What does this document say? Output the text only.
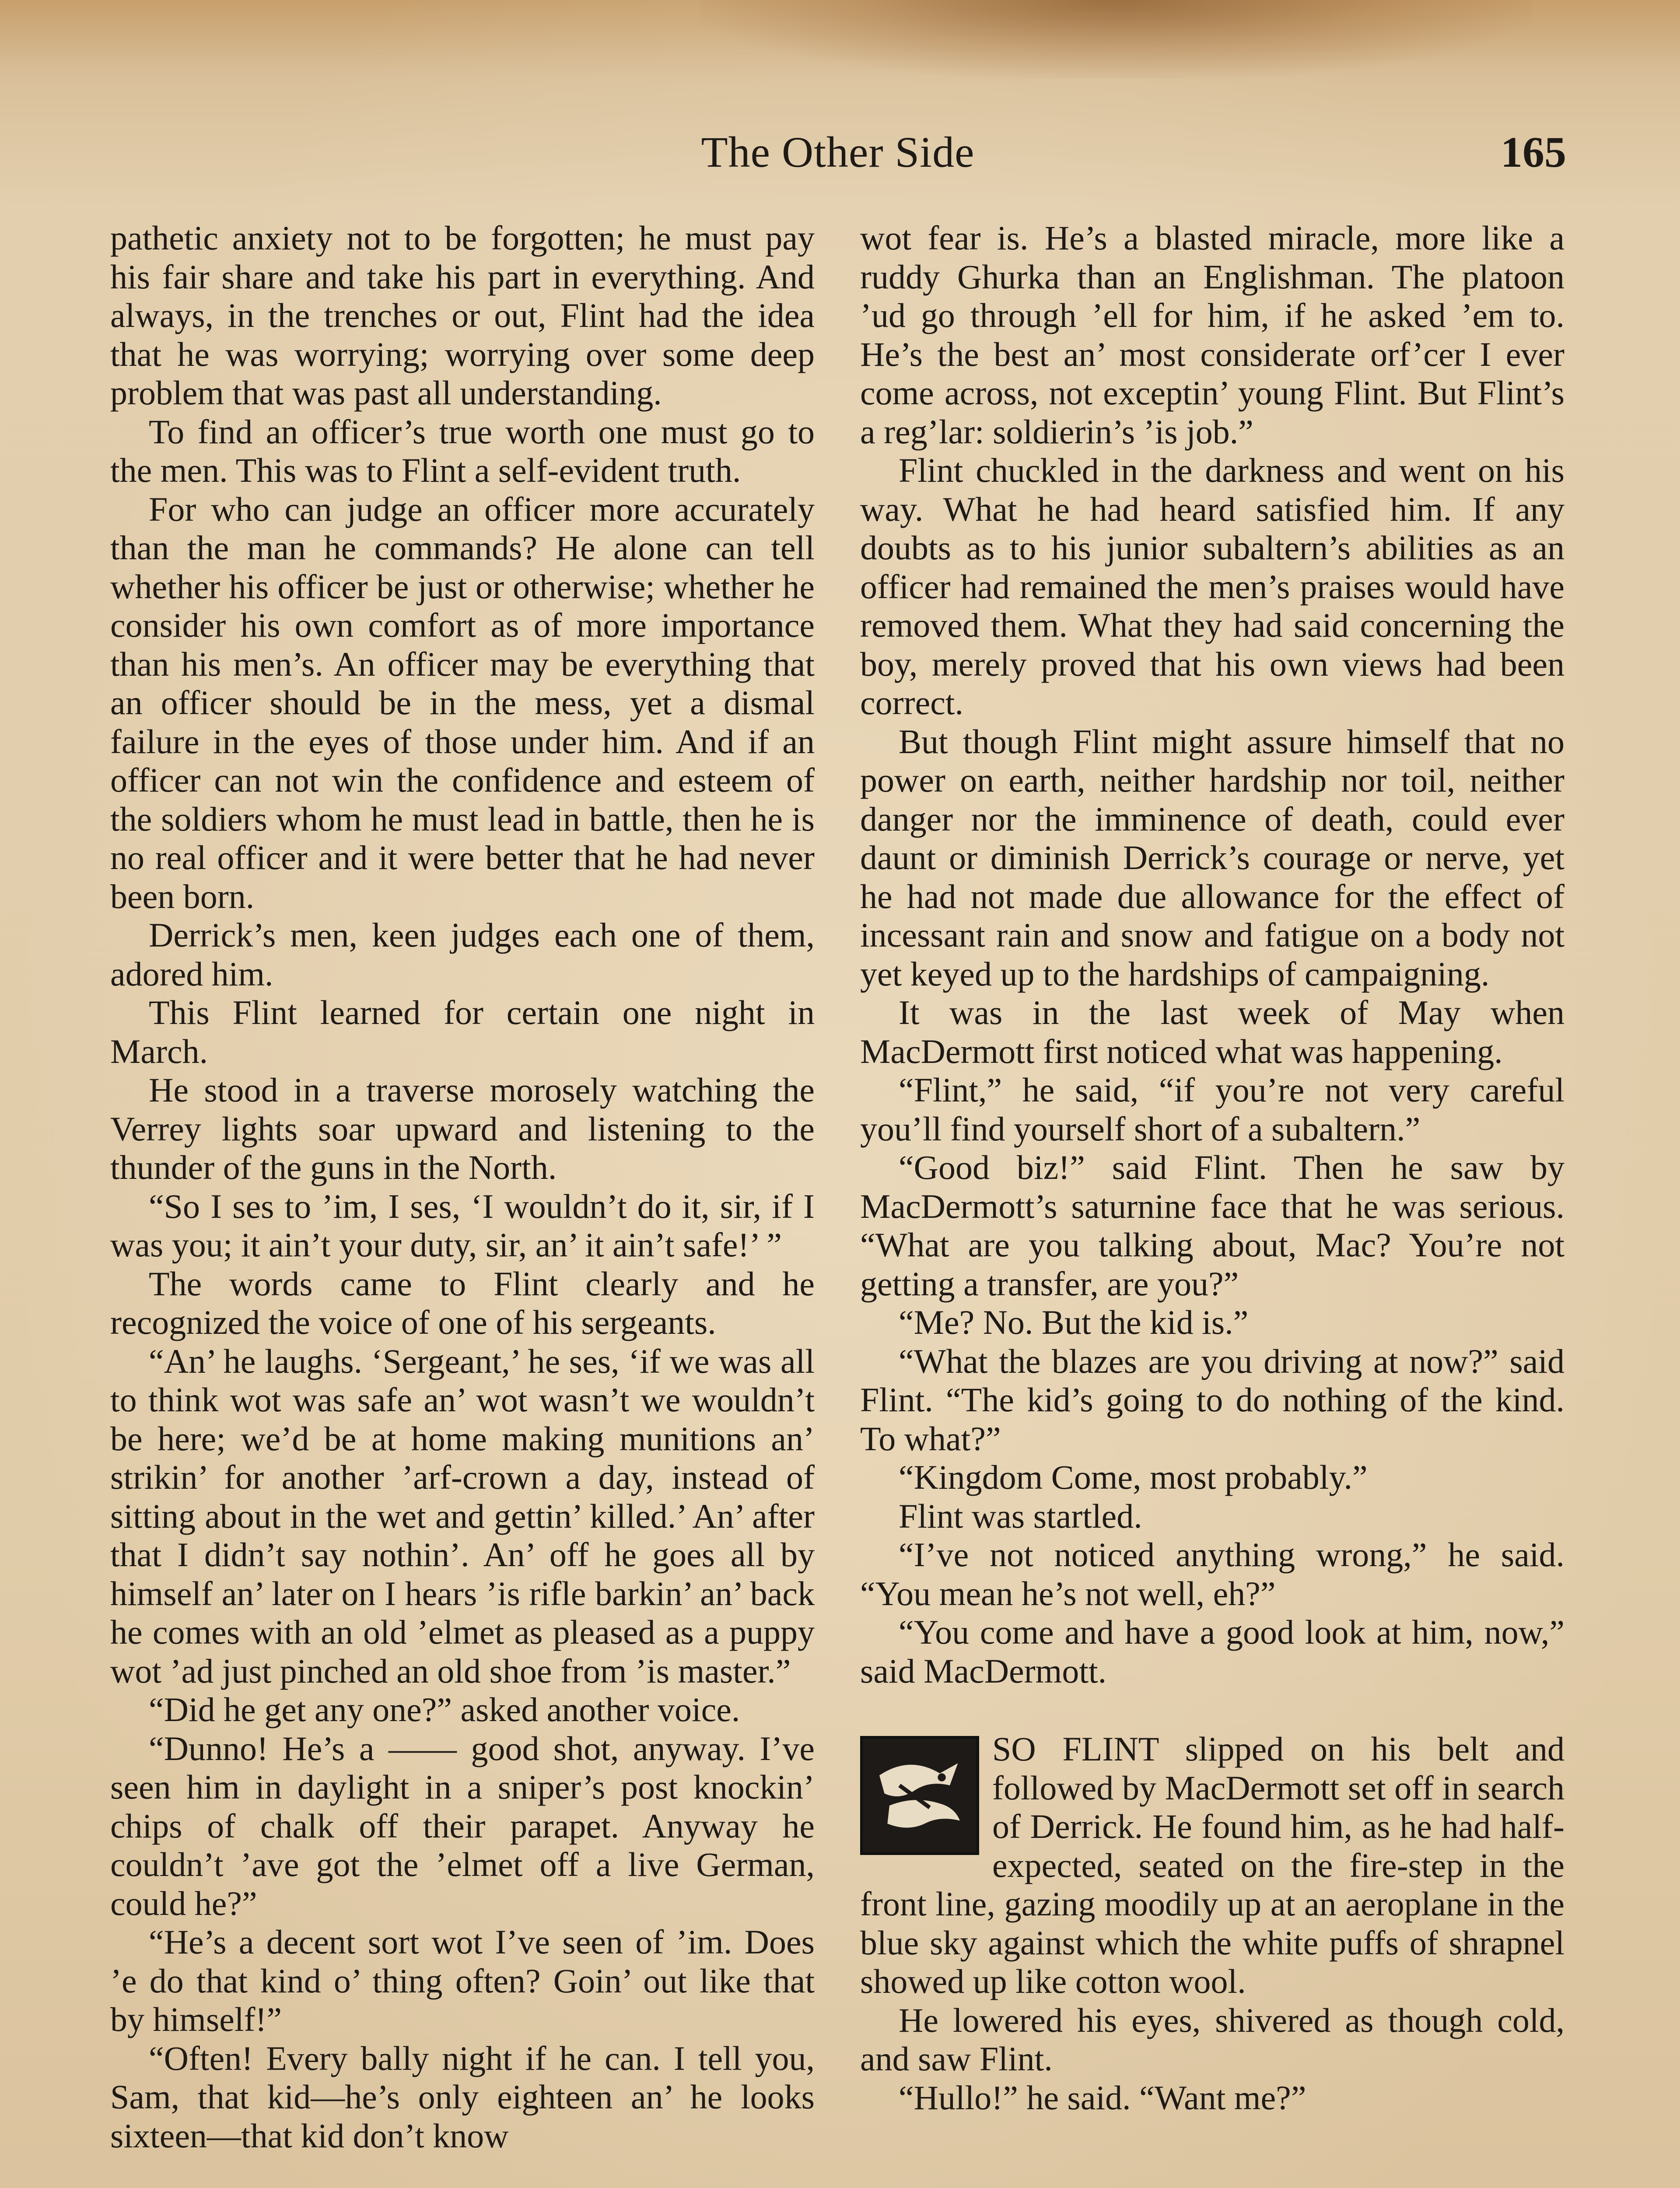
The Other Side	165

pathetic anxiety not to be forgotten; he must pay his fair share and take his part in everything. And always, in the trenches or out, Flint had the idea that he was worrying; worrying over some deep problem that was past all understanding.

To find an officer’s true worth one must go to the men. This was to Flint a self-evident truth.

For who can judge an officer more accurately than the man he commands? He alone can tell whether his officer be just or otherwise; whether he consider his own comfort as of more importance than his men’s. An officer may be everything that an officer should be in the mess, yet a dismal failure in the eyes of those under him. And if an officer can not win the confidence and esteem of the soldiers whom he must lead in battle, then he is no real officer and it were better that he had never been born.

Derrick’s men, keen judges each one of them, adored him.

This Flint learned for certain one night in March.

He stood in a traverse morosely watching the Verrey lights soar upward and listening to the thunder of the guns in the North.

“So I ses to ’im, I ses, ‘I wouldn’t do it, sir, if I was you; it ain’t your duty, sir, an’ it ain’t safe!’ ”

The words came to Flint clearly and he recognized the voice of one of his sergeants.

“An’ he laughs. ‘Sergeant,’ he ses, ‘if we was all to think wot was safe an’ wot wasn’t we wouldn’t be here; we’d be at home making munitions an’ strikin’ for another ’arf-crown a day, instead of sitting about in the wet and gettin’ killed.’ An’ after that I didn’t say nothin’. An’ off he goes all by himself an’ later on I hears ’is rifle barkin’ an’ back he comes with an old ’elmet as pleased as a puppy wot ’ad just pinched an old shoe from ’is master.”

“Did he get any one?” asked another voice.

“Dunno! He’s a —— good shot, anyway. I’ve seen him in daylight in a sniper’s post knockin’ chips of chalk off their parapet. Anyway he couldn’t ’ave got the ’elmet off a live German, could he?”

“He’s a decent sort wot I’ve seen of ’im. Does ’e do that kind o’ thing often? Goin’ out like that by himself!”

“Often! Every bally night if he can. I tell you, Sam, that kid—he’s only eighteen an’ he looks sixteen—that kid don’t know

wot fear is. He’s a blasted miracle, more like a ruddy Ghurka than an Englishman. The platoon ’ud go through ’ell for him, if he asked ’em to. He’s the best an’ most considerate orf’cer I ever come across, not exceptin’ young Flint. But Flint’s a reg’lar: soldierin’s ’is job.”

Flint chuckled in the darkness and went on his way. What he had heard satisfied him. If any doubts as to his junior subaltern’s abilities as an officer had remained the men’s praises would have removed them. What they had said concerning the boy, merely proved that his own views had been correct.

But though Flint might assure himself that no power on earth, neither hardship nor toil, neither danger nor the imminence of death, could ever daunt or diminish Derrick’s courage or nerve, yet he had not made due allowance for the effect of incessant rain and snow and fatigue on a body not yet keyed up to the hardships of campaigning.

It was in the last week of May when MacDermott first noticed what was happening.

“Flint,” he said, “if you’re not very careful you’ll find yourself short of a subaltern.”

“Good biz!” said Flint. Then he saw by MacDermott’s saturnine face that he was serious. “What are you talking about, Mac? You’re not getting a transfer, are you?”

“Me? No. But the kid is.”

“What the blazes are you driving at now?” said Flint. “The kid’s going to do nothing of the kind. To what?”

“Kingdom Come, most probably.”

Flint was startled.

“I’ve not noticed anything wrong,” he said. “You mean he’s not well, eh?”

“You come and have a good look at him, now,” said MacDermott.

SO FLINT slipped on his belt and followed by MacDermott set off in search of Derrick. He found him, as he had half-expected, seated on the fire-step in the front line, gazing moodily up at an aeroplane in the blue sky against which the white puffs of shrapnel showed up like cotton wool.

He lowered his eyes, shivered as though cold, and saw Flint.

“Hullo!” he said. “Want me?”
